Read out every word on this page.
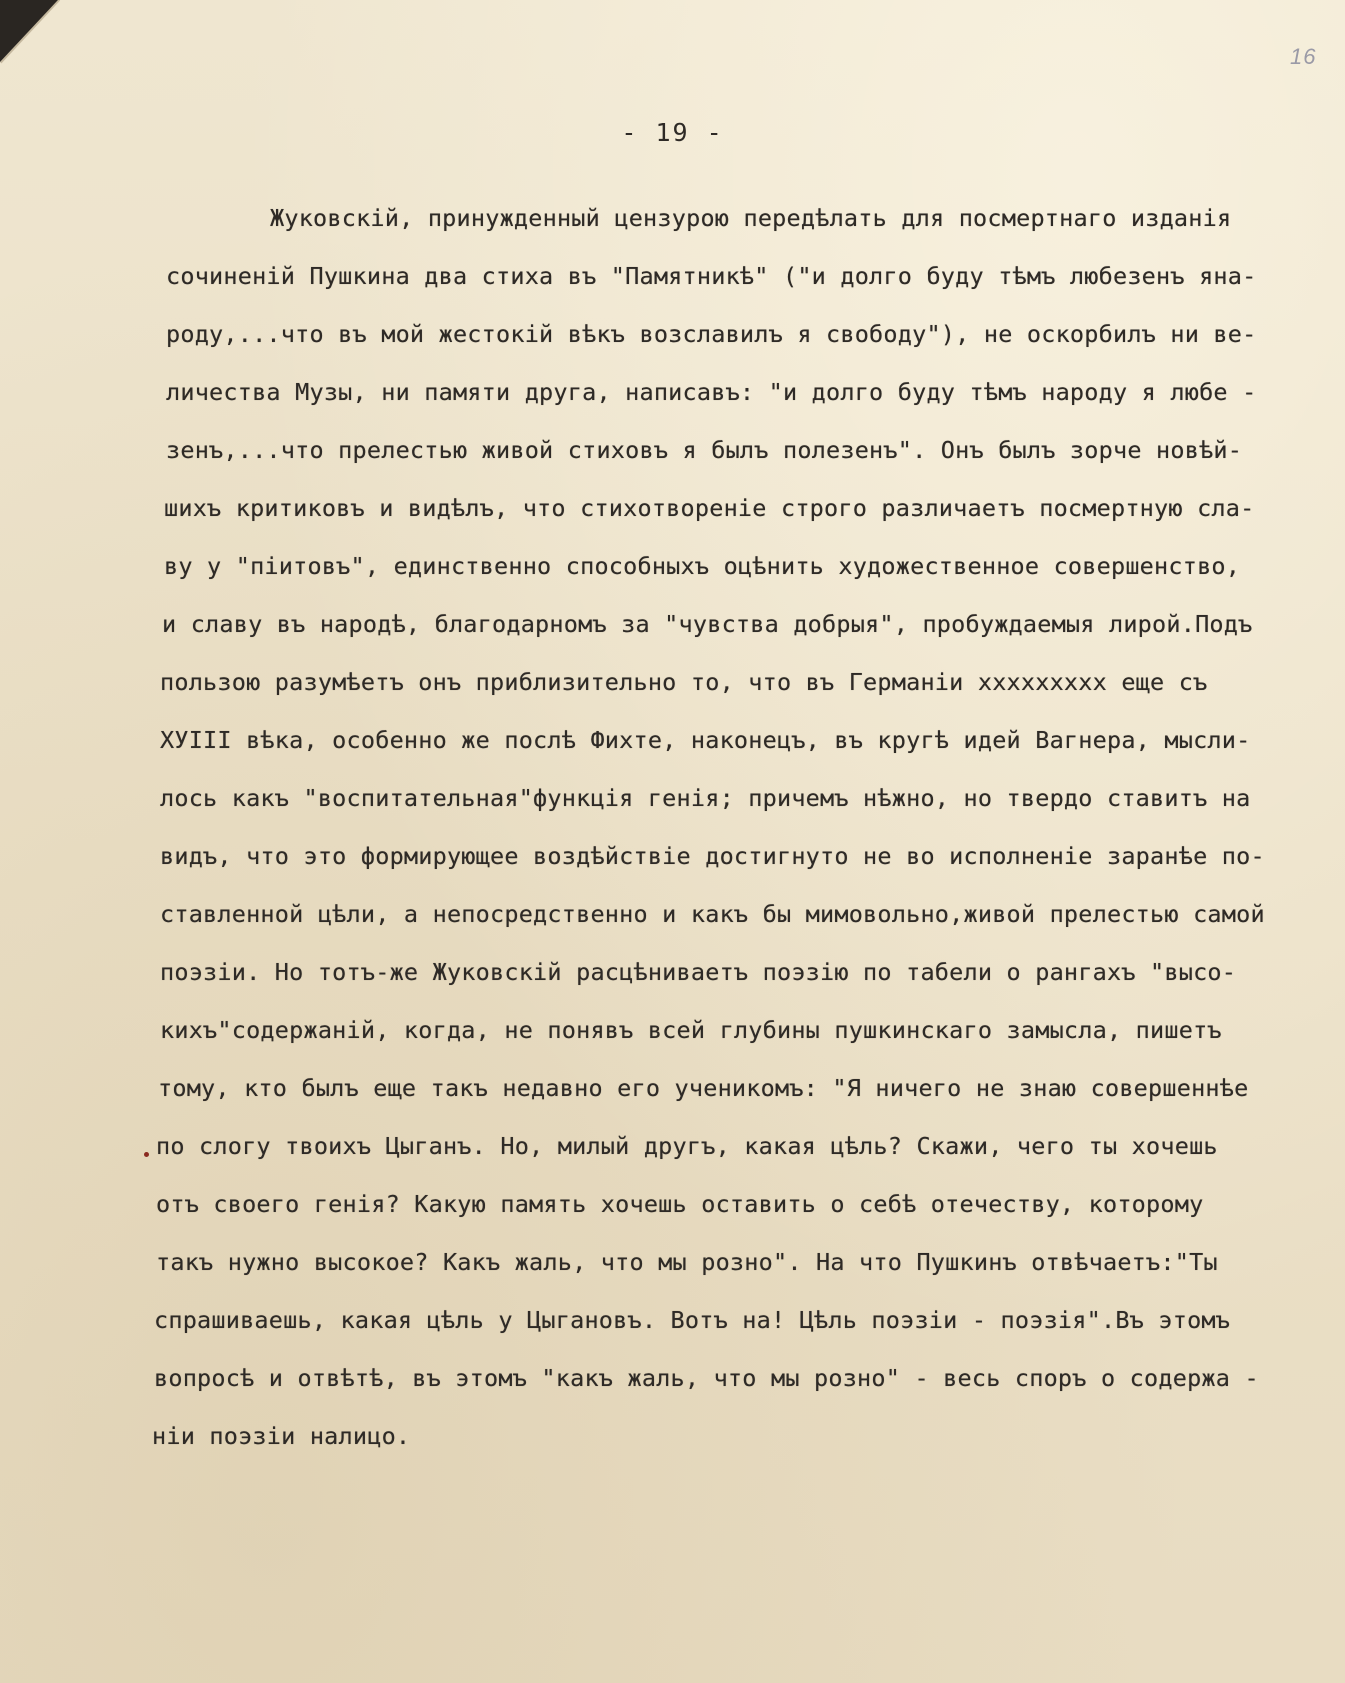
16
- 19 -
Жуковскій, принужденный цензурою передѣлать для посмертнаго изданія
сочиненій Пушкина два стиха въ "Памятникѣ" ("и долго буду тѣмъ любезенъ яна-
роду,...что въ мой жестокій вѣкъ возславилъ я свободу"), не оскорбилъ ни ве-
личества Музы, ни памяти друга, написавъ: "и долго буду тѣмъ народу я любе -
зенъ,...что прелестью живой стиховъ я былъ полезенъ". Онъ былъ зорче новѣй-
шихъ критиковъ и видѣлъ, что стихотвореніе строго различаетъ посмертную сла-
ву у "піитовъ", единственно способныхъ оцѣнить художественное совершенство,
и славу въ народѣ, благодарномъ за "чувства добрыя", пробуждаемыя лирой.Подъ
пользою разумѣетъ онъ приблизительно то, что въ Германіи ххххххххх еще съ
ХУIII вѣка, особенно же послѣ Фихте, наконецъ, въ кругѣ идей Вагнера, мысли-
лось какъ "воспитательная"функція генія; причемъ нѣжно, но твердо ставитъ на
видъ, что это формирующее воздѣйствіе достигнуто не во исполненіе заранѣе по-
ставленной цѣли, а непосредственно и какъ бы мимовольно,живой прелестью самой
поэзіи. Но тотъ-же Жуковскій расцѣниваетъ поэзію по табели о рангахъ "высо-
кихъ"содержаній, когда, не понявъ всей глубины пушкинскаго замысла, пишетъ
тому, кто былъ еще такъ недавно его ученикомъ: "Я ничего не знаю совершеннѣе
по слогу твоихъ Цыганъ. Но, милый другъ, какая цѣль? Скажи, чего ты хочешь
отъ своего генія? Какую память хочешь оставить о себѣ отечеству, которому
такъ нужно высокое? Какъ жаль, что мы розно". На что Пушкинъ отвѣчаетъ:"Ты
спрашиваешь, какая цѣль у Цыгановъ. Вотъ на! Цѣль поэзіи - поэзія".Въ этомъ
вопросѣ и отвѣтѣ, въ этомъ "какъ жаль, что мы розно" - весь споръ о содержа -
ніи поэзіи налицо.
